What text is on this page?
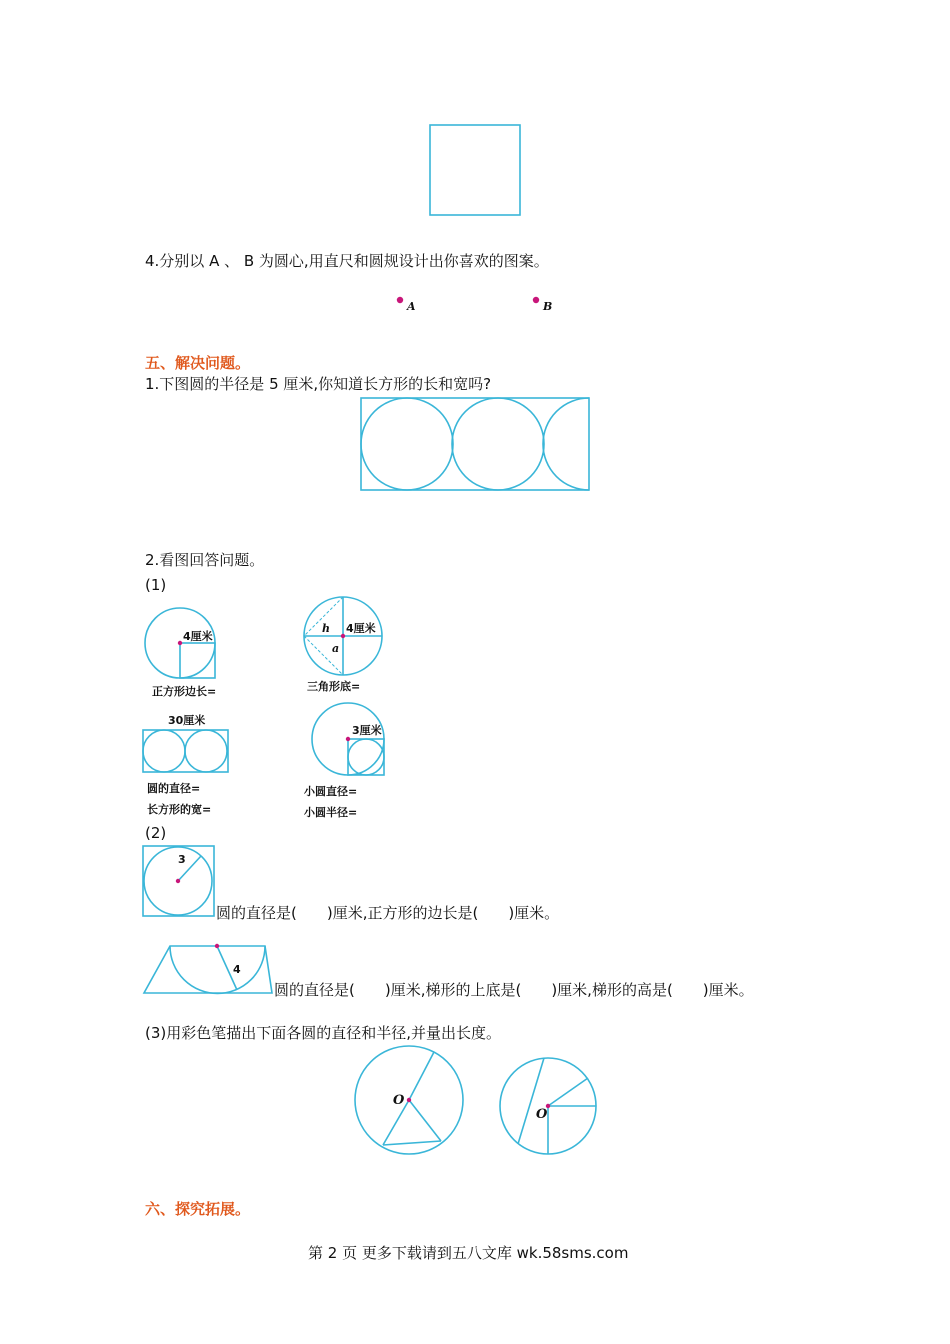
4.分别以 A 、 B 为圆心,用直尺和圆规设计出你喜欢的图案。
A	B
五、解决问题。
1.下图圆的半径是 5 厘米,你知道长方形的长和宽吗?
2.看图回答问题。
(1)
4厘米
正方形边长=
h 4厘米
a
三角形底=
30厘米
圆的直径=
长方形的宽=
3厘米
小圆直径=
小圆半径=
(2)
3
圆的直径是(　　)厘米,正方形的边长是(　　)厘米。
4
圆的直径是(　　)厘米,梯形的上底是(　　)厘米,梯形的高是(　　)厘米。
(3)用彩色笔描出下面各圆的直径和半径,并量出长度。
O
O
六、探究拓展。
第 2 页 更多下载请到五八文库 wk.58sms.com
